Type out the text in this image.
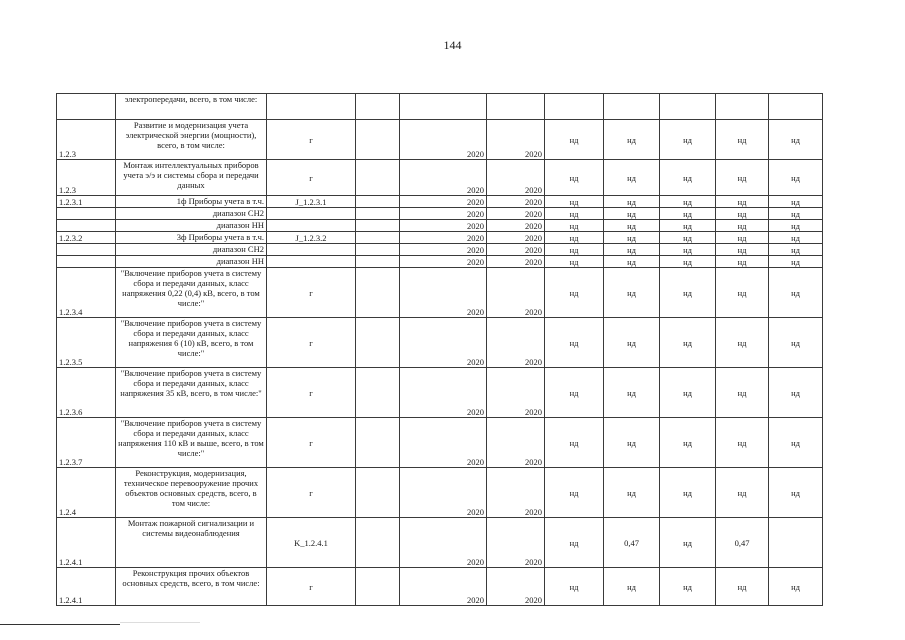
144
	электропередачи, всего, в том числе:										
1.2.3	Развитие и модернизация учета электрической энергии (мощности), всего, в том числе:	г		2020	2020	нд	нд	нд	нд	нд	
1.2.3	Монтаж интеллектуальных приборов учета э/э и системы сбора и передачи данных	г		2020	2020	нд	нд	нд	нд	нд	
1.2.3.1	1ф Приборы учета в т.ч.	J_1.2.3.1		2020	2020	нд	нд	нд	нд	нд	
	диапазон СН2			2020	2020	нд	нд	нд	нд	нд	
	диапазон НН			2020	2020	нд	нд	нд	нд	нд	
1.2.3.2	3ф Приборы учета в т.ч.	J_1.2.3.2		2020	2020	нд	нд	нд	нд	нд	
	диапазон СН2			2020	2020	нд	нд	нд	нд	нд	
	диапазон НН			2020	2020	нд	нд	нд	нд	нд	
1.2.3.4	"Включение приборов учета в систему сбора и передачи данных, класс напряжения 0,22 (0,4) кВ, всего, в том числе:"	г		2020	2020	нд	нд	нд	нд	нд	
1.2.3.5	"Включение приборов учета в систему сбора и передачи данных, класс напряжения 6 (10) кВ, всего, в том числе:"	г		2020	2020	нд	нд	нд	нд	нд	
1.2.3.6	"Включение приборов учета в систему сбора и передачи данных, класс напряжения 35 кВ, всего, в том числе:"	г		2020	2020	нд	нд	нд	нд	нд	
1.2.3.7	"Включение приборов учета в систему сбора и передачи данных, класс напряжения 110 кВ и выше, всего, в том числе:"	г		2020	2020	нд	нд	нд	нд	нд	
1.2.4	Реконструкция, модернизация, техническое перевооружение прочих объектов основных средств, всего, в том числе:	г		2020	2020	нд	нд	нд	нд	нд	
1.2.4.1	Монтаж пожарной сигнализации и системы видеонаблюдения	K_1.2.4.1		2020	2020	нд	0,47	нд	0,47		
1.2.4.1	Реконструкция прочих объектов основных средств, всего, в том числе:	г		2020	2020	нд	нд	нд	нд	нд	
